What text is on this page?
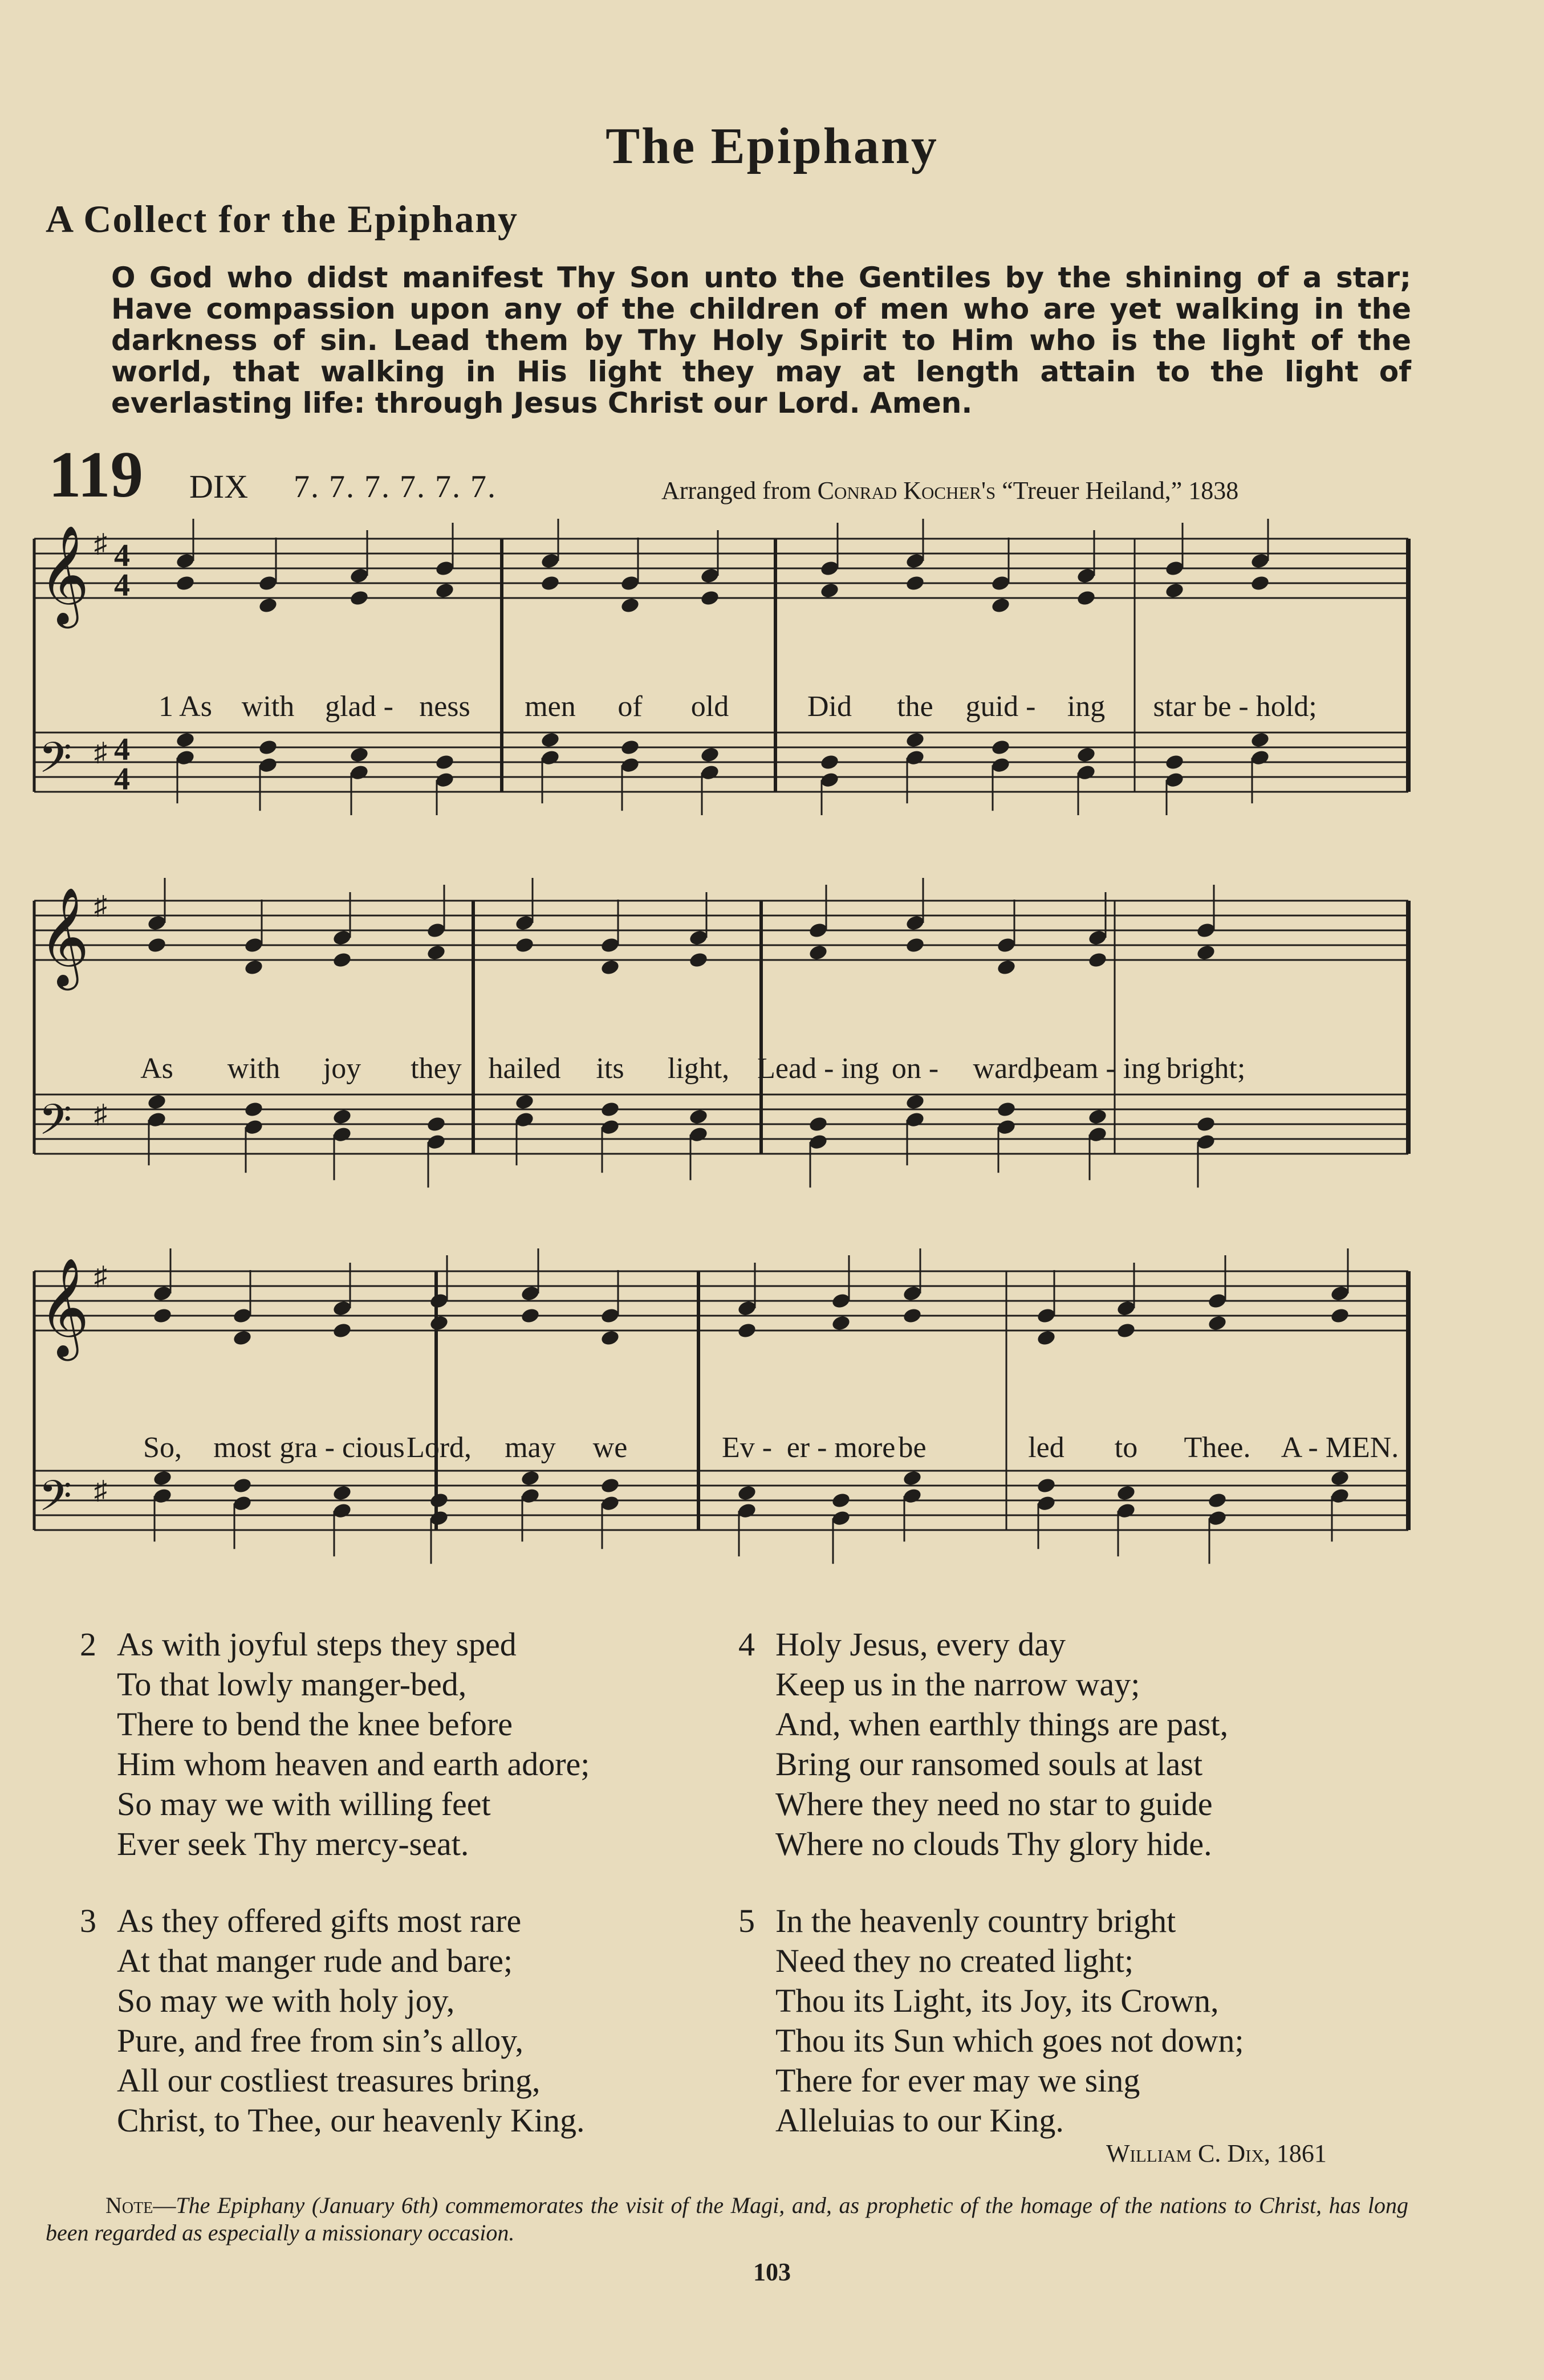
The Epiphany
A Collect for the Epiphany
O God who didst manifest Thy Son unto the Gentiles by the shining of a star; Have compassion upon any of the children of men who are yet walking in the darkness of sin. Lead them by Thy Holy Spirit to Him who is the light of the world, that walking in His light they may at length attain to the light of everlasting life: through Jesus Christ our Lord. Amen.
119 DIX 7. 7. 7. 7. 7. 7.	Arranged from Conrad Kocher's “Treuer Heiland,” 1838
𝄞 ♯ 4
4
𝄢 ♯ 4
4
1 As with glad - ness men of old	Did the guid - ing star be - hold;
𝄞 ♯
𝄢 ♯
As with joy they hailed its light, Lead - ing on - ward,
beam - ing bright;
𝄞 ♯
𝄢 ♯
So, most gra - cious Lord, may we	Ev - er - more be	led to Thee. A - MEN.
2 As with joyful steps they sped
To that lowly manger-bed,
There to bend the knee before
Him whom heaven and earth adore;
So may we with willing feet
Ever seek Thy mercy-seat.
3 As they offered gifts most rare
At that manger rude and bare;
So may we with holy joy,
Pure, and free from sin’s alloy,
All our costliest treasures bring,
Christ, to Thee, our heavenly King.
4 Holy Jesus, every day
Keep us in the narrow way;
And, when earthly things are past,
Bring our ransomed souls at last
Where they need no star to guide
Where no clouds Thy glory hide.
5 In the heavenly country bright
Need they no created light;
Thou its Light, its Joy, its Crown,
Thou its Sun which goes not down;
There for ever may we sing
Alleluias to our King.
William C. Dix, 1861
Note—The Epiphany (January 6th) commemorates the visit of the Magi, and, as prophetic of the homage of the nations to Christ, has long been regarded as especially a missionary occasion.
103
